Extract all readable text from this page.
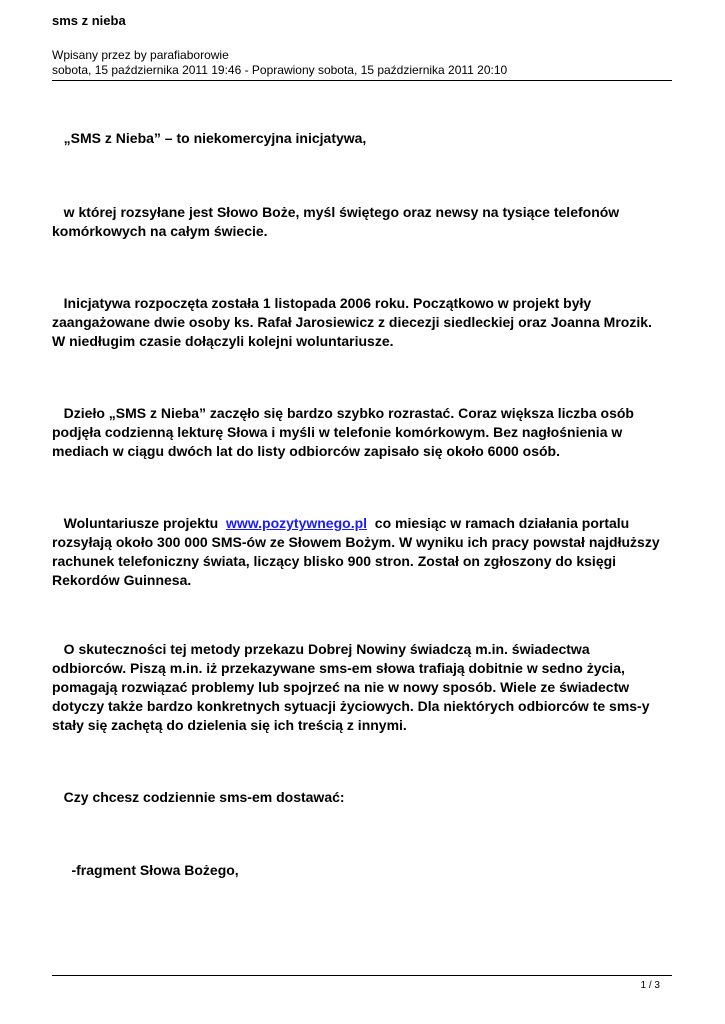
sms z nieba
Wpisany przez by parafiaborowie
sobota, 15 października 2011 19:46 - Poprawiony sobota, 15 października 2011 20:10

„SMS z Nieba” – to niekomercyjna inicjatywa,

w której rozsyłane jest Słowo Boże, myśl świętego oraz newsy na tysiące telefonów komórkowych na całym świecie.

Inicjatywa rozpoczęta została 1 listopada 2006 roku. Początkowo w projekt były zaangażowane dwie osoby ks. Rafał Jarosiewicz z diecezji siedleckiej oraz Joanna Mrozik. W niedługim czasie dołączyli kolejni woluntariusze.

Dzieło „SMS z Nieba” zaczęło się bardzo szybko rozrastać. Coraz większa liczba osób podjęła codzienną lekturę Słowa i myśli w telefonie komórkowym. Bez nagłośnienia w mediach w ciągu dwóch lat do listy odbiorców zapisało się około 6000 osób.

Woluntariusze projektu  www.pozytywnego.pl  co miesiąc w ramach działania portalu rozsyłają około 300 000 SMS-ów ze Słowem Bożym. W wyniku ich pracy powstał najdłuższy rachunek telefoniczny świata, liczący blisko 900 stron. Został on zgłoszony do księgi Rekordów Guinnesa.

O skuteczności tej metody przekazu Dobrej Nowiny świadczą m.in. świadectwa odbiorców. Piszą m.in. iż przekazywane sms-em słowa trafiają dobitnie w sedno życia, pomagają rozwiązać problemy lub spojrzeć na nie w nowy sposób. Wiele ze świadectw dotyczy także bardzo konkretnych sytuacji życiowych. Dla niektórych odbiorców te sms-y stały się zachętą do dzielenia się ich treścią z innymi.

Czy chcesz codziennie sms-em dostawać:

-fragment Słowa Bożego,

1 / 3
